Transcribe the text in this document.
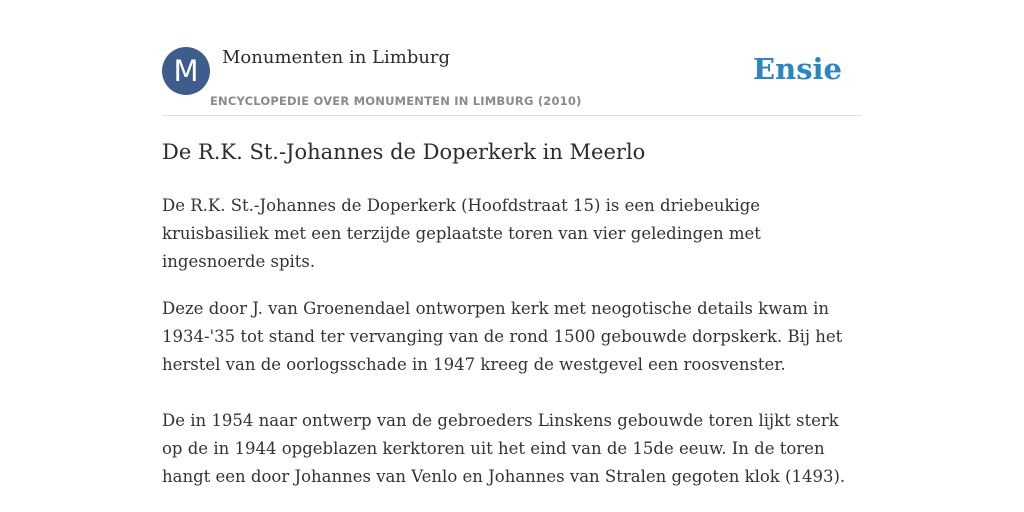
M	Monumenten in Limburg
ENCYCLOPEDIE OVER MONUMENTEN IN LIMBURG (2010)
Ensie
De R.K. St.-Johannes de Doperkerk in Meerlo

De R.K. St.-Johannes de Doperkerk (Hoofdstraat 15) is een driebeukige kruisbasiliek met een terzijde geplaatste toren van vier geledingen met ingesnoerde spits.

Deze door J. van Groenendael ontworpen kerk met neogotische details kwam in 1934-'35 tot stand ter vervanging van de rond 1500 gebouwde dorpskerk. Bij het herstel van de oorlogsschade in 1947 kreeg de westgevel een roosvenster.

De in 1954 naar ontwerp van de gebroeders Linskens gebouwde toren lijkt sterk op de in 1944 opgeblazen kerktoren uit het eind van de 15de eeuw. In de toren hangt een door Johannes van Venlo en Johannes van Stralen gegoten klok (1493).
